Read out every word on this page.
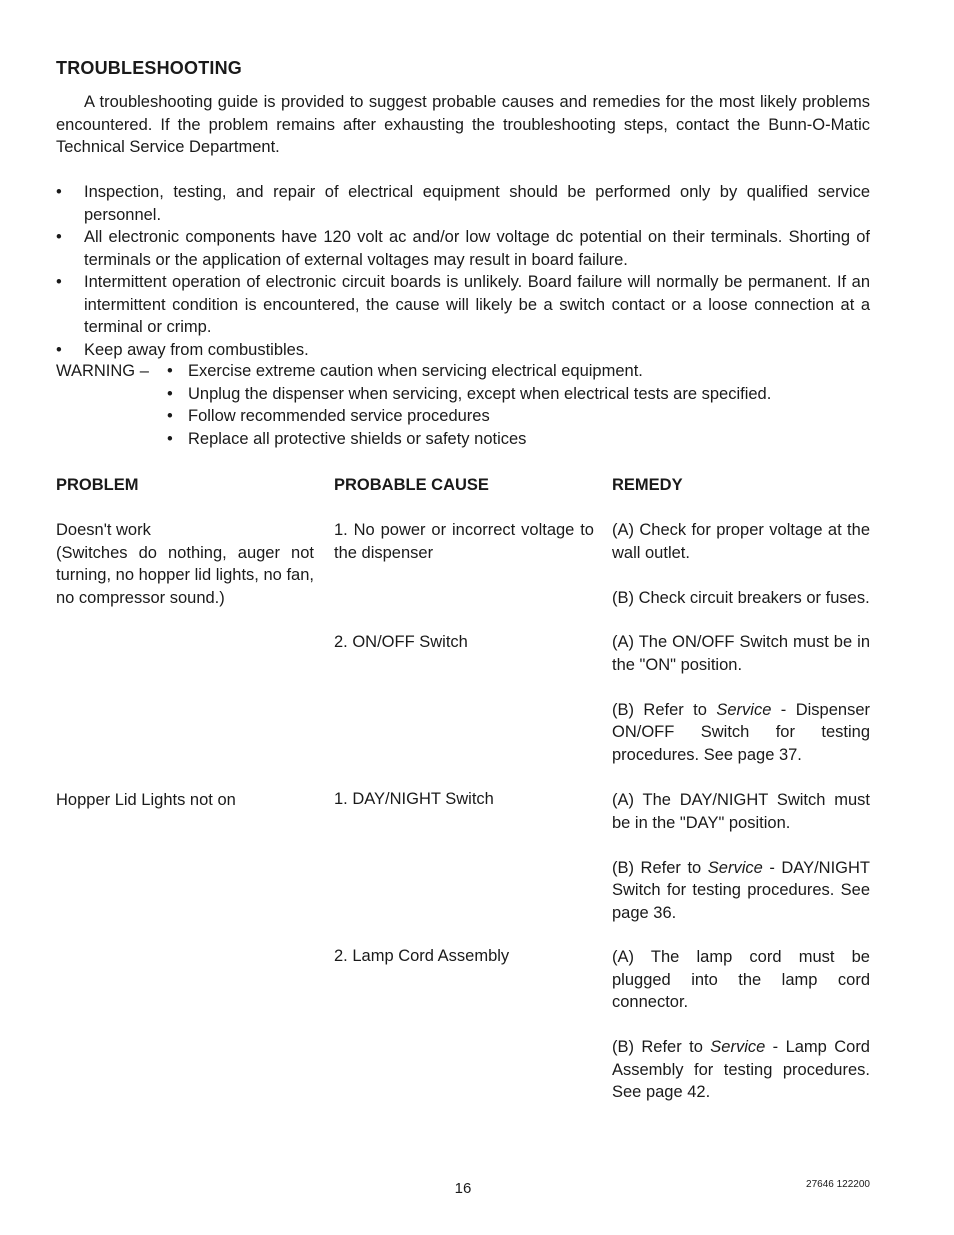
TROUBLESHOOTING

A troubleshooting guide is provided to suggest probable causes and remedies for the most likely problems encountered. If the problem remains after exhausting the troubleshooting steps, contact the Bunn-O-Matic Technical Service Department.

• Inspection, testing, and repair of electrical equipment should be performed only by qualified service personnel.
• All electronic components have 120 volt ac and/or low voltage dc potential on their terminals. Shorting of terminals or the application of external voltages may result in board failure.
• Intermittent operation of electronic circuit boards is unlikely. Board failure will normally be permanent. If an intermittent condition is encountered, the cause will likely be a switch contact or a loose connection at a terminal or crimp.
• Keep away from combustibles.
WARNING –
•	Exercise extreme caution when servicing electrical equipment.
• Unplug the dispenser when servicing, except when electrical tests are specified.
• Follow recommended service procedures
• Replace all protective shields or safety notices
PROBLEM	PROBABLE CAUSE	REMEDY

Doesn't work

(Switches do nothing, auger not turning, no hopper lid lights, no fan, no compressor sound.)

1. No power or incorrect voltage to the dispenser

(A) Check for proper voltage at the wall outlet.

(B) Check circuit breakers or fuses.

2. ON/OFF Switch	(A) The ON/OFF Switch must be in the "ON" position.

(B) Refer to Service - Dispenser ON/OFF Switch for testing procedures. See page 37.

Hopper Lid Lights not on	1. DAY/NIGHT Switch	(A) The DAY/NIGHT Switch must be in the "DAY" position.

(B) Refer to Service - DAY/NIGHT Switch for testing procedures. See page 36.

2. Lamp Cord Assembly	(A) The lamp cord must be plugged into the lamp cord connector.

(B) Refer to Service - Lamp Cord Assembly for testing procedures. See page 42.

16	27646 122200
